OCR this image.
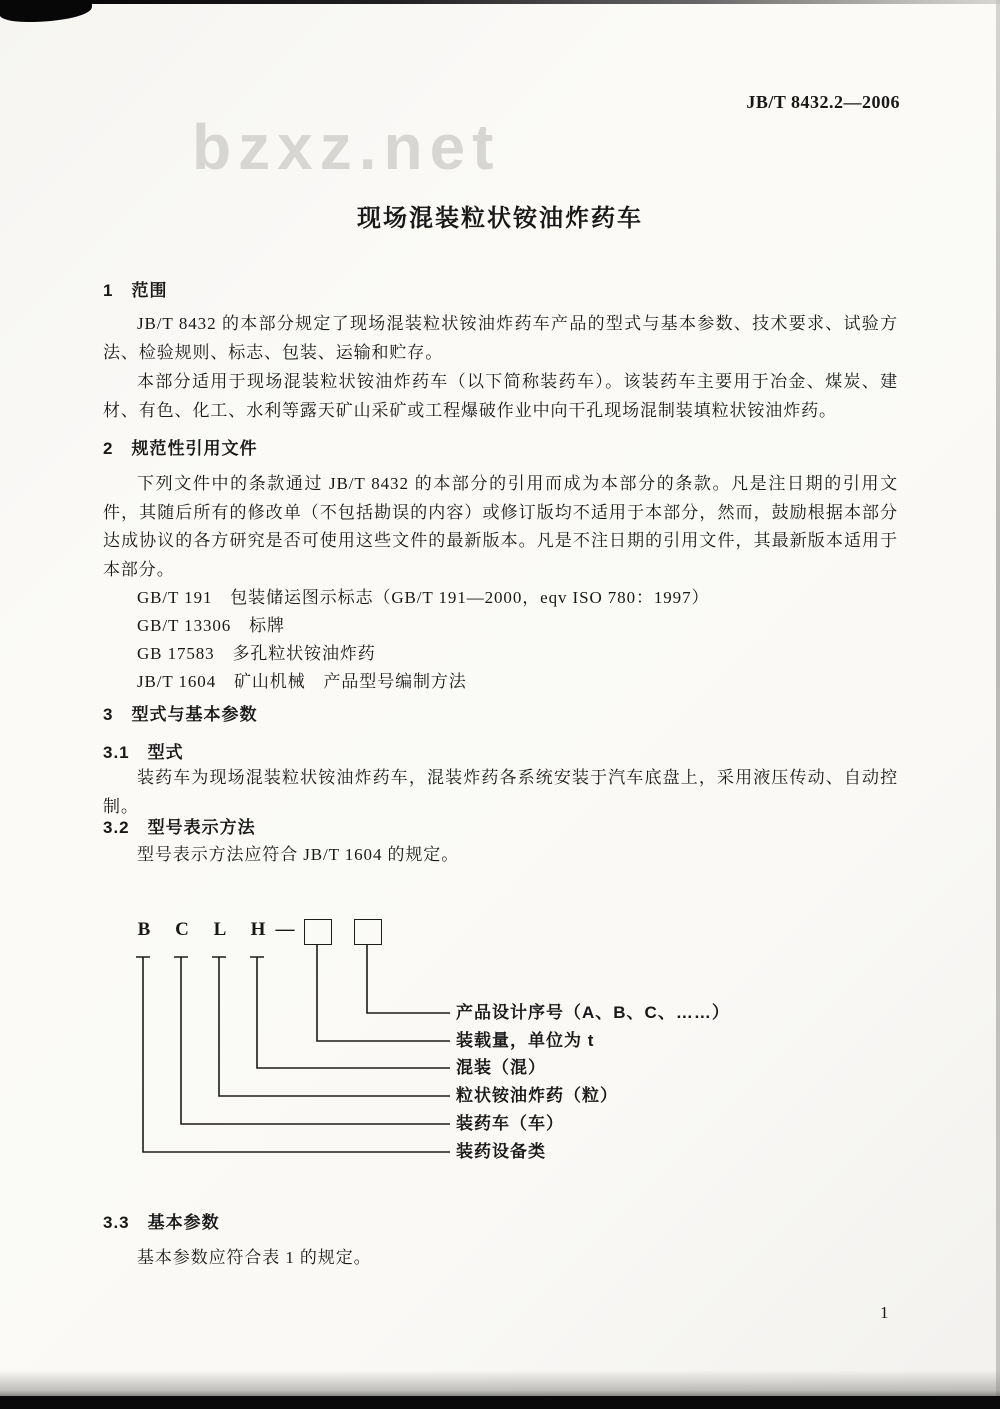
JB/T 8432.2—2006
bzxz.net
现场混装粒状铵油炸药车
1　范围

JB/T 8432 的本部分规定了现场混装粒状铵油炸药车产品的型式与基本参数、技术要求、试验方法、检验规则、标志、包装、运输和贮存。

本部分适用于现场混装粒状铵油炸药车（以下简称装药车）。该装药车主要用于冶金、煤炭、建材、有色、化工、水利等露天矿山采矿或工程爆破作业中向干孔现场混制装填粒状铵油炸药。

2　规范性引用文件

下列文件中的条款通过 JB/T 8432 的本部分的引用而成为本部分的条款。凡是注日期的引用文件，其随后所有的修改单（不包括勘误的内容）或修订版均不适用于本部分，然而，鼓励根据本部分达成协议的各方研究是否可使用这些文件的最新版本。凡是不注日期的引用文件，其最新版本适用于本部分。

GB/T 191　包装储运图示标志（GB/T 191—2000，eqv ISO 780：1997）
GB/T 13306　标牌
GB 17583　多孔粒状铵油炸药
JB/T 1604　矿山机械　产品型号编制方法
3　型式与基本参数
3.1　型式

装药车为现场混装粒状铵油炸药车，混装炸药各系统安装于汽车底盘上，采用液压传动、自动控制。

3.2　型号表示方法

型号表示方法应符合 JB/T 1604 的规定。

B C L H —
产品设计序号（A、B、C、……）
装载量，单位为 t
混装（混）
粒状铵油炸药（粒）
装药车（车）
装药设备类
3.3　基本参数

基本参数应符合表 1 的规定。

1
